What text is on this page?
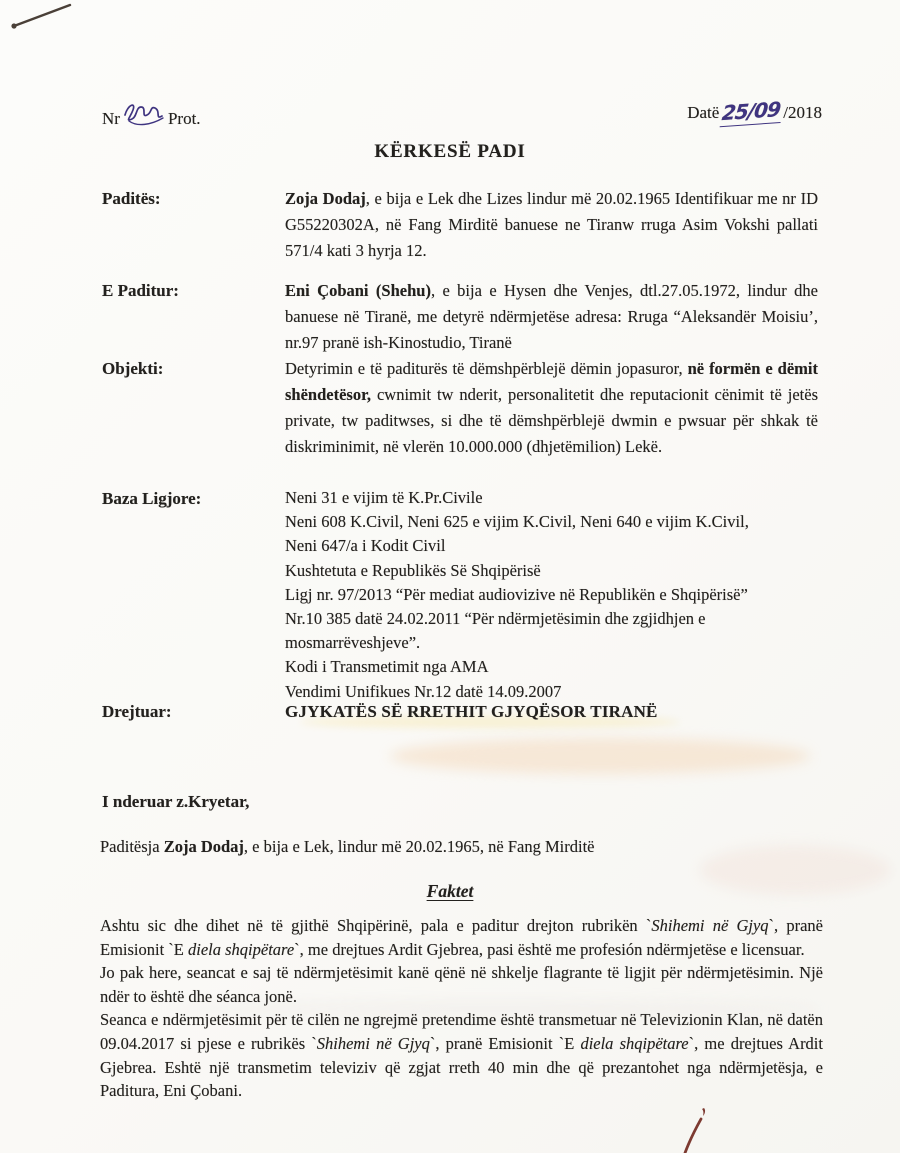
Nr	Prot.	Datë25/09 /2018
KËRKESË PADI
Paditës:	Zoja Dodaj, e bija e Lek dhe Lizes lindur më 20.02.1965 Identifikuar me nr ID G55220302A, në Fang Mirditë banuese ne Tiranw rruga Asim Vokshi pallati 571/4 kati 3 hyrja 12.
E Paditur:	Eni Çobani (Shehu), e bija e Hysen dhe Venjes, dtl.27.05.1972, lindur dhe banuese në Tiranë, me detyrë ndërmjetëse adresa: Rruga “Aleksandër Moisiu’, nr.97 pranë ish-Kinostudio, Tiranë
Objekti:	Detyrimin e të paditurës të dëmshpërblejë dëmin jopasuror, në formën e dëmit shëndetësor, cwnimit tw nderit, personalitetit dhe reputacionit cënimit të jetës private, tw paditwses, si dhe të dëmshpërblejë dwmin e pwsuar për shkak të diskriminimit, në vlerën 10.000.000 (dhjetëmilion) Lekë.
Baza Ligjore:	Neni 31 e vijim të K.Pr.Civile
Neni 608 K.Civil, Neni 625 e vijim K.Civil, Neni 640 e vijim K.Civil,
Neni 647/a i Kodit Civil
Kushtetuta e Republikës Së Shqipërisë
Ligj nr. 97/2013 “Për mediat audiovizive në Republikën e Shqipërisë”
Nr.10 385 datë 24.02.2011 “Për ndërmjetësimin dhe zgjidhjen e
mosmarrëveshjeve”.
Kodi i Transmetimit nga AMA
Vendimi Unifikues Nr.12 datë 14.09.2007
Drejtuar:	GJYKATËS SË RRETHIT GJYQËSOR TIRANË
I nderuar z.Kryetar,
Paditësja Zoja Dodaj, e bija e Lek, lindur më 20.02.1965, në Fang Mirditë
Faktet

Ashtu sic dhe dihet në të gjithë Shqipërinë, pala e paditur drejton rubrikën `Shihemi në Gjyq`, pranë Emisionit `E diela shqipëtare`, me drejtues Ardit Gjebrea, pasi është me profesión ndërmjetëse e licensuar.

Jo pak here, seancat e saj të ndërmjetësimit kanë qënë në shkelje flagrante të ligjit për ndërmjetësimin. Një ndër to është dhe séanca jonë.

Seanca e ndërmjetësimit për të cilën ne ngrejmë pretendime është transmetuar në Televizionin Klan, në datën 09.04.2017 si pjese e rubrikës `Shihemi në Gjyq`, pranë Emisionit `E diela shqipëtare`, me drejtues Ardit Gjebrea. Eshtë një transmetim televiziv që zgjat rreth 40 min dhe që prezantohet nga ndërmjetësja, e Paditura, Eni Çobani.
